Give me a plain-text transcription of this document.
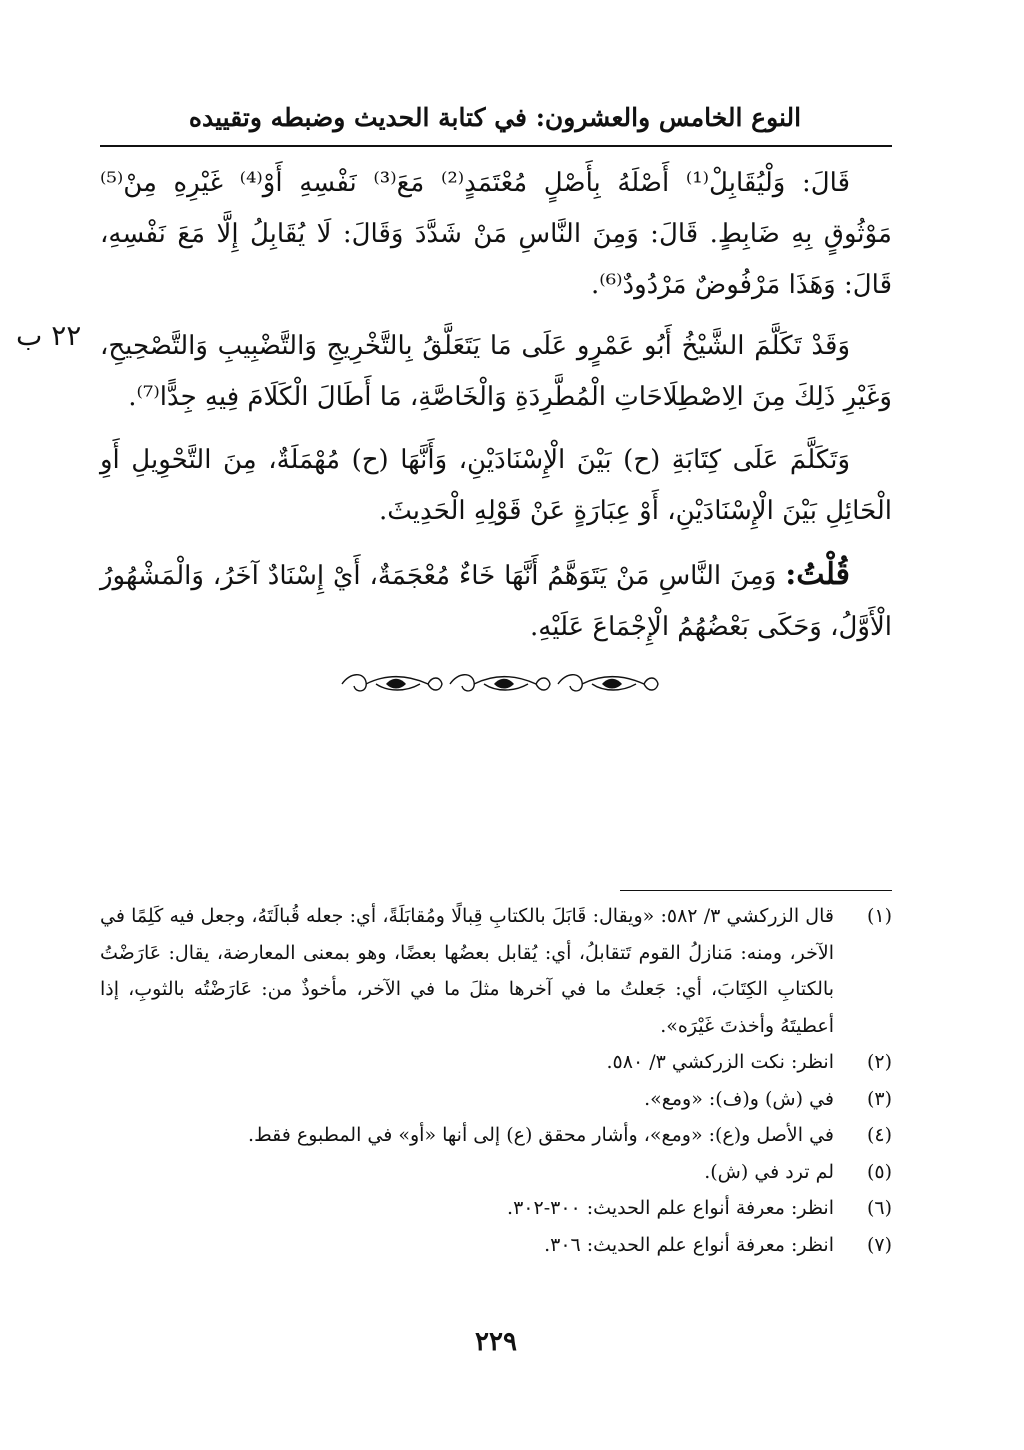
النوع الخامس والعشرون: في كتابة الحديث وضبطه وتقييده
٢٢ ب

قَالَ: وَلْيُقَابِلْ⁽¹⁾ أَصْلَهُ بِأَصْلٍ مُعْتَمَدٍ⁽²⁾ مَعَ⁽³⁾ نَفْسِهِ أَوْ⁽⁴⁾ غَيْرِهِ مِنْ⁽⁵⁾ مَوْثُوقٍ بِهِ ضَابِطٍ. قَالَ: وَمِنَ النَّاسِ مَنْ شَدَّدَ وَقَالَ: لَا يُقَابِلُ إِلَّا مَعَ نَفْسِهِ، قَالَ: وَهَذَا مَرْفُوضٌ مَرْدُودٌ⁽⁶⁾.

وَقَدْ تَكَلَّمَ الشَّيْخُ أَبُو عَمْرٍو عَلَى مَا يَتَعَلَّقُ بِالتَّخْرِيجِ وَالتَّضْبِيبِ وَالتَّصْحِيحِ، وَغَيْرِ ذَلِكَ مِنَ الِاصْطِلَاحَاتِ الْمُطَّرِدَةِ وَالْخَاصَّةِ، مَا أَطَالَ الْكَلَامَ فِيهِ جِدًّا⁽⁷⁾.

وَتَكَلَّمَ عَلَى كِتَابَةِ (ح) بَيْنَ الْإِسْنَادَيْنِ، وَأَنَّهَا (ح) مُهْمَلَةٌ، مِنَ التَّحْوِيلِ أَوِ الْحَائِلِ بَيْنَ الْإِسْنَادَيْنِ، أَوْ عِبَارَةٍ عَنْ قَوْلِهِ الْحَدِيثَ.

قُلْتُ: وَمِنَ النَّاسِ مَنْ يَتَوَهَّمُ أَنَّهَا خَاءٌ مُعْجَمَةٌ، أَيْ إِسْنَادٌ آخَرُ، وَالْمَشْهُورُ الْأَوَّلُ، وَحَكَى بَعْضُهُمُ الْإِجْمَاعَ عَلَيْهِ.

(١)
قال الزركشي ٣/ ٥٨٢: «ويقال: قَابَلَ بالكتابِ قِبالًا ومُقابَلَةً، أي: جعله قُبالَتَهُ، وجعل فيه كَلِمًا في الآخر، ومنه: مَنازلُ القوم تَتقابلُ، أي: يُقابل بعضُها بعضًا، وهو بمعنى المعارضة، يقال: عَارَضْتُ بالكتابِ الكِتَابَ، أي: جَعلتُ ما في آخرها مثلَ ما في الآخر، مأخوذٌ من: عَارَضْتُه بالثوبِ، إذا أعطيتَهُ وأخذتَ غَيْرَه».
(٢)
انظر: نكت الزركشي ٣/ ٥٨٠.
(٣)
في (ش) و(ف): «ومع».
(٤)
في الأصل و(ع): «ومع»، وأشار محقق (ع) إلى أنها «أو» في المطبوع فقط.
(٥)
لم ترد في (ش).
(٦)
انظر: معرفة أنواع علم الحديث: ٣٠٠-٣٠٢.
(٧)
انظر: معرفة أنواع علم الحديث: ٣٠٦.
٢٢٩
